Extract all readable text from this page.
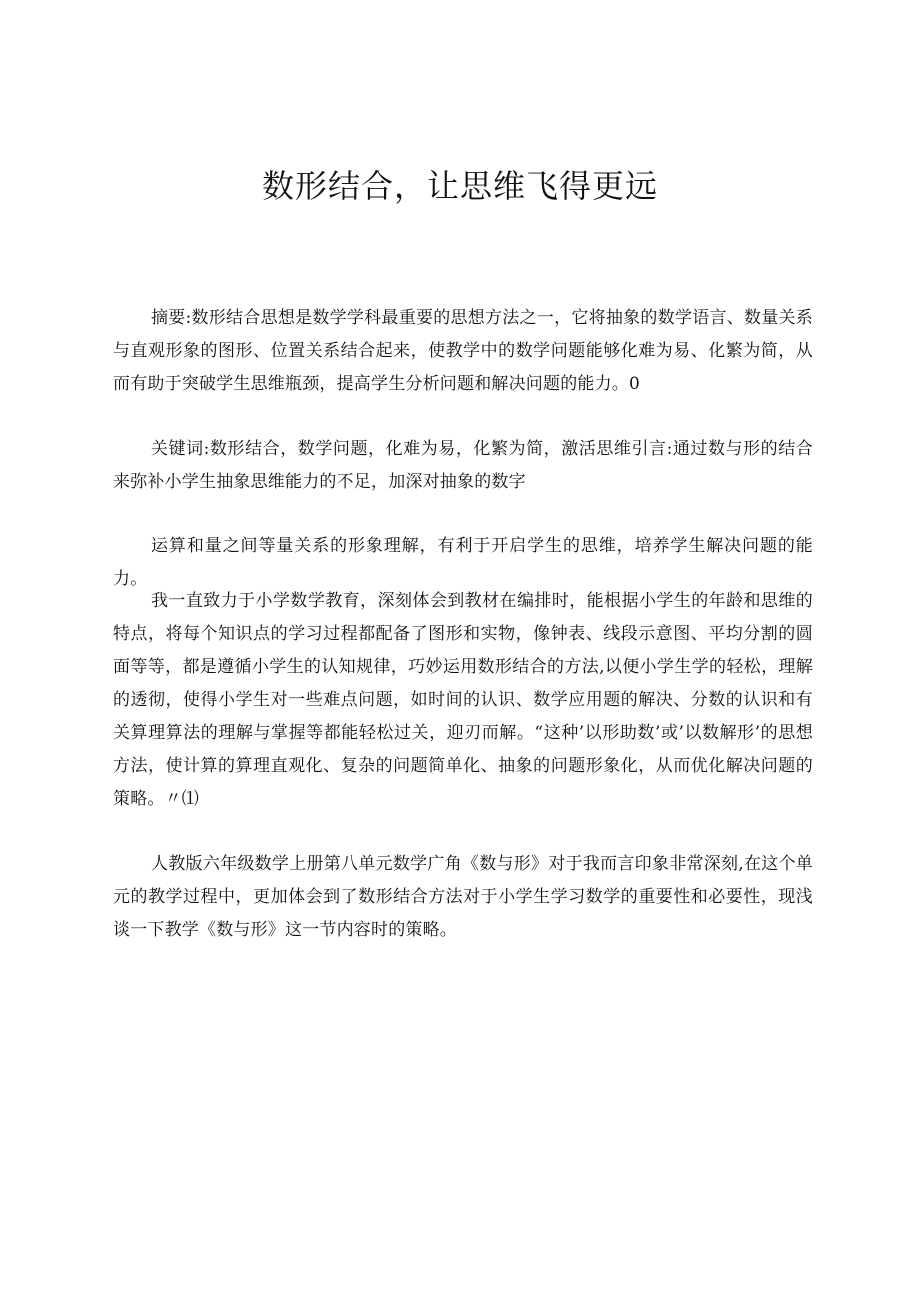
数形结合，让思维飞得更远

摘要:数形结合思想是数学学科最重要的思想方法之一，它将抽象的数学语言、数量关系与直观形象的图形、位置关系结合起来，使教学中的数学问题能够化难为易、化繁为简，从而有助于突破学生思维瓶颈，提高学生分析问题和解决问题的能力。0

关键词:数形结合，数学问题，化难为易，化繁为简，激活思维引言:通过数与形的结合来弥补小学生抽象思维能力的不足，加深对抽象的数字

运算和量之间等量关系的形象理解，有利于开启学生的思维，培养学生解决问题的能力。

我一直致力于小学数学教育，深刻体会到教材在编排时，能根据小学生的年龄和思维的特点，将每个知识点的学习过程都配备了图形和实物，像钟表、线段示意图、平均分割的圆面等等，都是遵循小学生的认知规律，巧妙运用数形结合的方法,以便小学生学的轻松，理解的透彻，使得小学生对一些难点问题，如时间的认识、数学应用题的解决、分数的认识和有关算理算法的理解与掌握等都能轻松过关，迎刃而解。“这种’以形助数’或’以数解形’的思想方法，使计算的算理直观化、复杂的问题简单化、抽象的问题形象化，从而优化解决问题的策略。〃⑴

人教版六年级数学上册第八单元数学广角《数与形》对于我而言印象非常深刻,在这个单元的教学过程中，更加体会到了数形结合方法对于小学生学习数学的重要性和必要性，现浅谈一下教学《数与形》这一节内容时的策略。
